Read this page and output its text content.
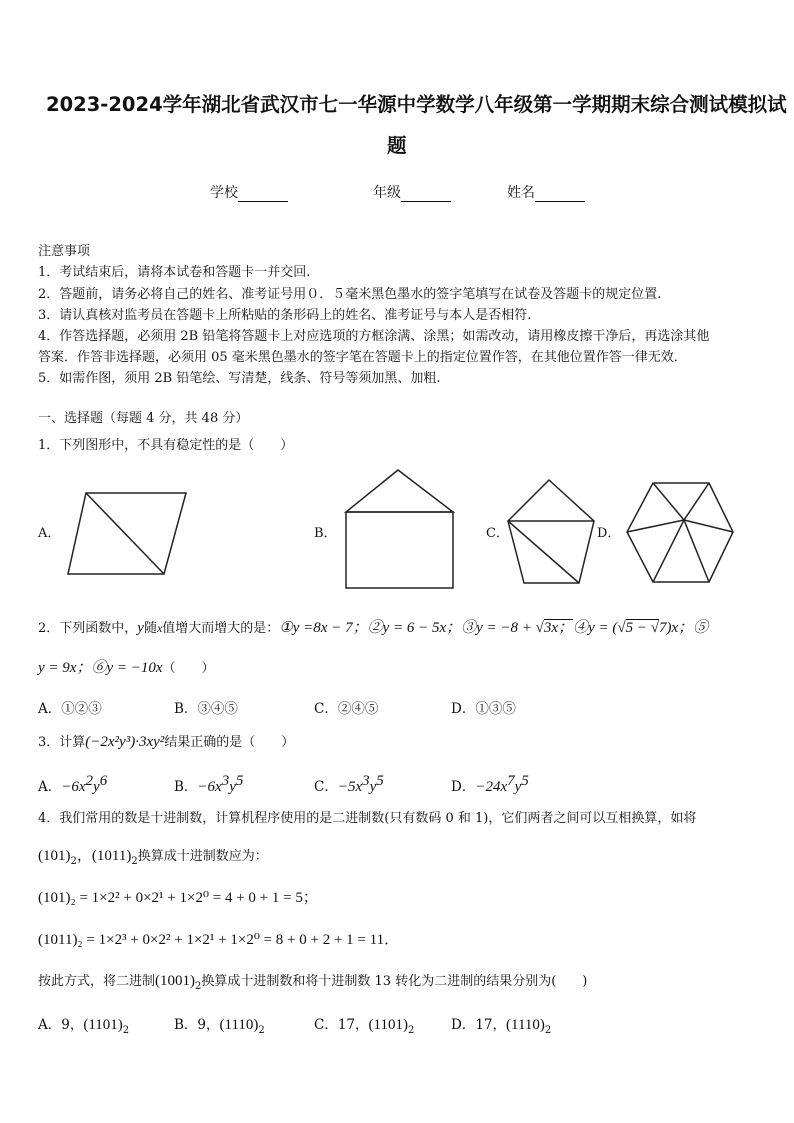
2023-2024学年湖北省武汉市七一华源中学数学八年级第一学期期末综合测试模拟试
题
学校	年级	姓名
注意事项
1．考试结束后，请将本试卷和答题卡一并交回.
2．答题前，请务必将自己的姓名、准考证号用０．５毫米黑色墨水的签字笔填写在试卷及答题卡的规定位置.
3．请认真核对监考员在答题卡上所粘贴的条形码上的姓名、准考证号与本人是否相符.
4．作答选择题，必须用 2B 铅笔将答题卡上对应选项的方框涂满、涂黑；如需改动，请用橡皮擦干净后，再选涂其他
答案．作答非选择题，必须用 05 毫米黑色墨水的签字笔在答题卡上的指定位置作答，在其他位置作答一律无效．
5．如需作图，须用 2B 铅笔绘、写清楚，线条、符号等须加黑、加粗.
一、选择题（每题 4 分，共 48 分）
1．下列图形中，不具有稳定性的是（　　）
A．	B．	C．	D．
2．下列函数中，y随x值增大而增大的是：①y =8x − 7；②y = 6 − 5x；③y = −8 + √3x；④y = (√5 − √7)x；⑤
y = 9x；⑥y = −10x（　　）
A．①②③	B．③④⑤	C．②④⑤	D．①③⑤
3．计算(−2x²y³)·3xy²结果正确的是（　　）
A．$-6x^2y^6$	B．$-6x^3y^5$	C．$-5x^3y^5$	D．$-24x^7y^5$
4．我们常用的数是十进制数，计算机程序使用的是二进制数(只有数码 0 和 1)，它们两者之间可以互相换算，如将
$(101)_2$，$(1011)_2$换算成十进制数应为：
(101)₂ = 1×2² + 0×2¹ + 1×2⁰ = 4 + 0 + 1 = 5；
(1011)₂ = 1×2³ + 0×2² + 1×2¹ + 1×2⁰ = 8 + 0 + 2 + 1 = 11．
按此方式，将二进制$(1001)_2$换算成十进制数和将十进制数 13 转化为二进制的结果分别为(　　)
A．9，$(1101)_2$	B．9，$(1110)_2$	C．17，$(1101)_2$	D．17，$(1110)_2$
